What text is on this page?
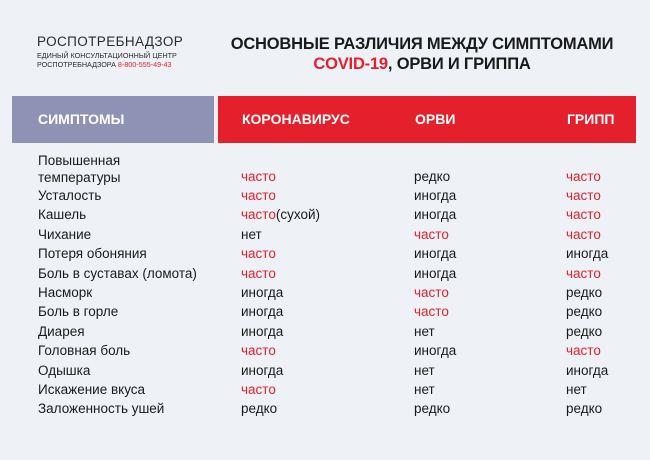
РОСПОТРЕБНАДЗОР
ЕДИНЫЙ КОНСУЛЬТАЦИОННЫЙ ЦЕНТР
РОСПОТРЕБНАДЗОРА 8-800-555-49-43
ОСНОВНЫЕ РАЗЛИЧИЯ МЕЖДУ СИМПТОМАМИ
COVID-19, ОРВИ И ГРИППА
СИМПТОМЫ	КОРОНАВИРУС	ОРВИ	ГРИПП
Повышенная
температуры	часто	редко	часто
Усталость	часто	иногда	часто
Кашель	часто(сухой)	иногда	часто
Чихание	нет	часто	часто
Потеря обоняния	часто	иногда	иногда
Боль в суставах (ломота)	часто	иногда	часто
Насморк	иногда	часто	редко
Боль в горле	иногда	часто	редко
Диарея	иногда	нет	редко
Головная боль	часто	иногда	часто
Одышка	иногда	нет	иногда
Искажение вкуса	часто	нет	нет
Заложенность ушей	редко	редко	редко
